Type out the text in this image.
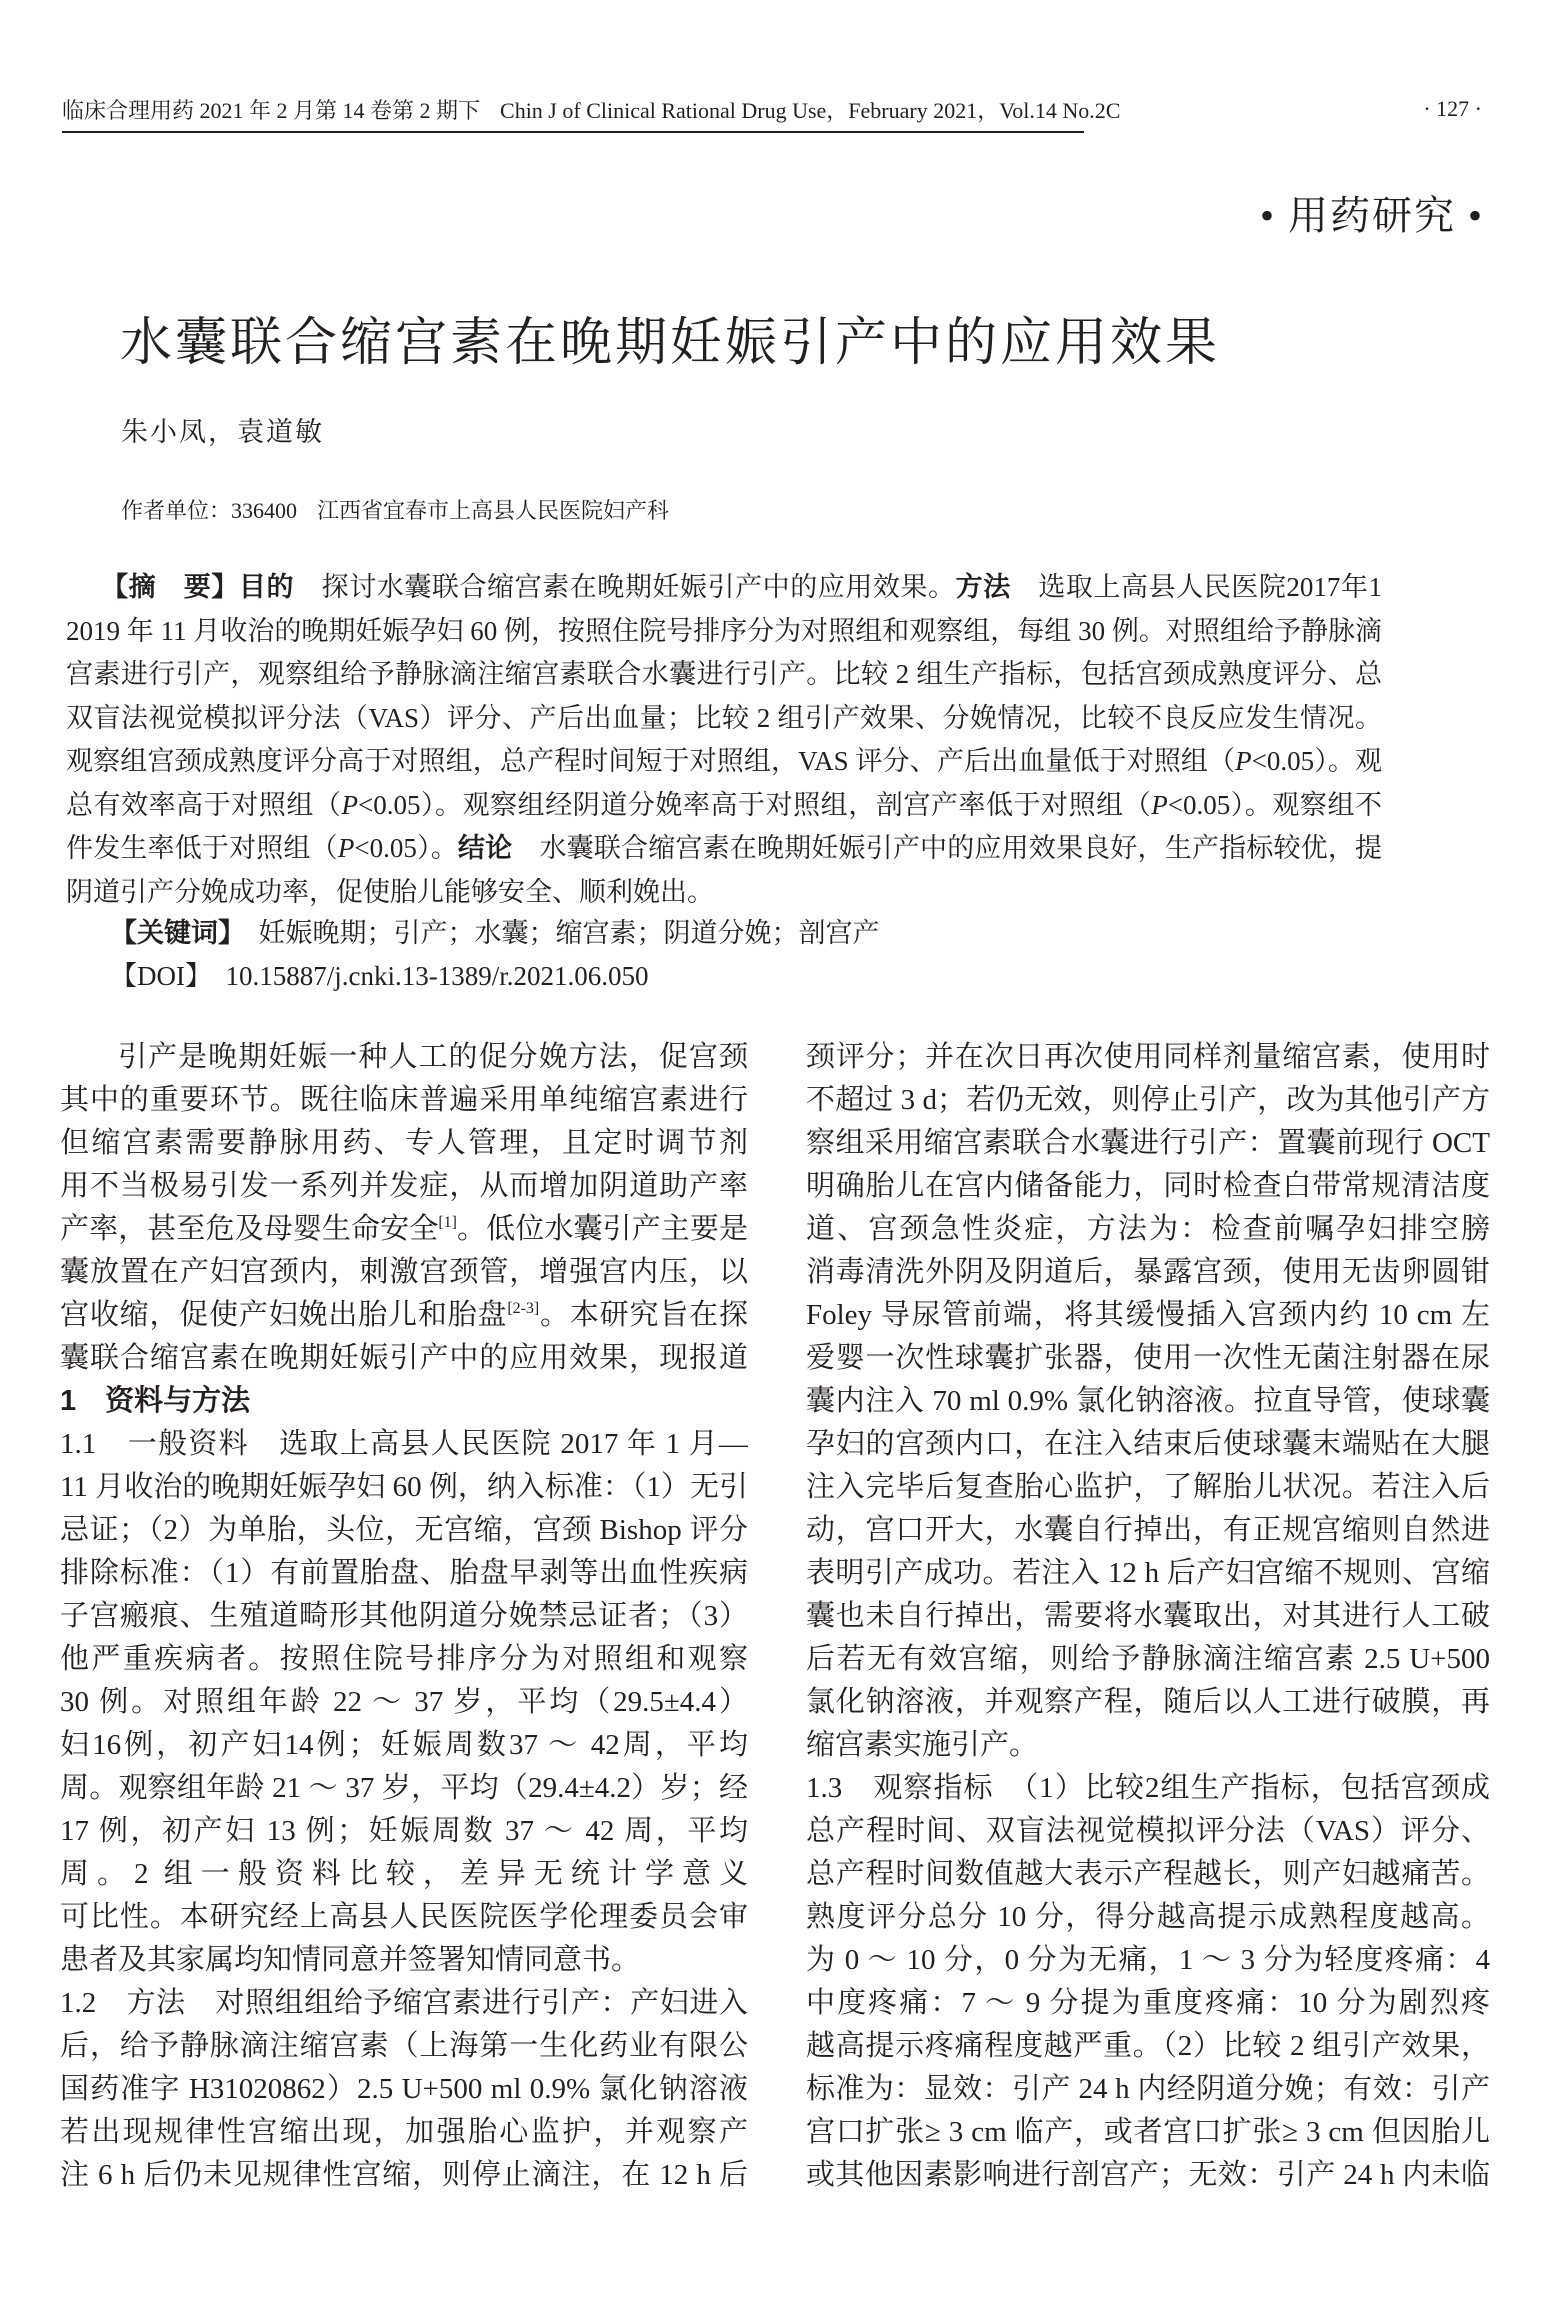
临床合理用药 2021 年 2 月第 14 卷第 2 期下 Chin J of Clinical Rational Drug Use，February 2021，Vol.14 No.2C	· 127 ·
• 用药研究 •
水囊联合缩宫素在晚期妊娠引产中的应用效果
朱小凤，袁道敏
作者单位：336400 江西省宜春市上高县人民医院妇产科
【摘　要】目的　探讨水囊联合缩宫素在晚期妊娠引产中的应用效果。方法　选取上高县人民医院2017年1
2019 年 11 月收治的晚期妊娠孕妇 60 例，按照住院号排序分为对照组和观察组，每组 30 例。对照组给予静脉滴
宫素进行引产，观察组给予静脉滴注缩宫素联合水囊进行引产。比较 2 组生产指标，包括宫颈成熟度评分、总
双盲法视觉模拟评分法（VAS）评分、产后出血量；比较 2 组引产效果、分娩情况，比较不良反应发生情况。
观察组宫颈成熟度评分高于对照组，总产程时间短于对照组，VAS 评分、产后出血量低于对照组（P<0.05）。观
总有效率高于对照组（P<0.05）。观察组经阴道分娩率高于对照组，剖宫产率低于对照组（P<0.05）。观察组不
件发生率低于对照组（P<0.05）。结论　水囊联合缩宫素在晚期妊娠引产中的应用效果良好，生产指标较优，提
阴道引产分娩成功率，促使胎儿能够安全、顺利娩出。
【关键词】　 妊娠晚期；引产；水囊；缩宫素；阴道分娩；剖宫产
【DOI】　 10.15887/j.cnki.13-1389/r.2021.06.050
引产是晚期妊娠一种人工的促分娩方法，促宫颈
其中的重要环节。既往临床普遍采用单纯缩宫素进行
但缩宫素需要静脉用药、专人管理，且定时调节剂
用不当极易引发一系列并发症，从而增加阴道助产率
产率，甚至危及母婴生命安全[1]。低位水囊引产主要是
囊放置在产妇宫颈内，刺激宫颈管，增强宫内压，以
宫收缩，促使产妇娩出胎儿和胎盘[2-3]。本研究旨在探
囊联合缩宫素在晚期妊娠引产中的应用效果，现报道
1　资料与方法
1.1　一般资料　选取上高县人民医院 2017 年 1 月—
11 月收治的晚期妊娠孕妇 60 例，纳入标准：（1）无引
忌证；（2）为单胎，头位，无宫缩，宫颈 Bishop 评分
排除标准：（1）有前置胎盘、胎盘早剥等出血性疾病
子宫瘢痕、生殖道畸形其他阴道分娩禁忌证者；（3）
他严重疾病者。按照住院号排序分为对照组和观察
30 例。对照组年龄 22 ～ 37 岁，平均（29.5±4.4）
妇16例，初产妇14例；妊娠周数37 ～ 42周，平均
周。观察组年龄 21 ～ 37 岁，平均（29.4±4.2）岁；经
17 例，初产妇 13 例；妊娠周数 37 ～ 42 周，平均
周。2 组一般资料比较，差异无统计学意义
可比性。本研究经上高县人民医院医学伦理委员会审
患者及其家属均知情同意并签署知情同意书。
1.2　方法　对照组组给予缩宫素进行引产：产妇进入
后，给予静脉滴注缩宫素（上海第一生化药业有限公
国药准字 H31020862）2.5 U+500 ml 0.9% 氯化钠溶液
若出现规律性宫缩出现，加强胎心监护，并观察产
注 6 h 后仍未见规律性宫缩，则停止滴注，在 12 h 后
颈评分；并在次日再次使用同样剂量缩宫素，使用时
不超过 3 d；若仍无效，则停止引产，改为其他引产方
察组采用缩宫素联合水囊进行引产：置囊前现行 OCT
明确胎儿在宫内储备能力，同时检查白带常规清洁度
道、宫颈急性炎症，方法为：检查前嘱孕妇排空膀
消毒清洗外阴及阴道后，暴露宫颈，使用无齿卵圆钳
Foley 导尿管前端，将其缓慢插入宫颈内约 10 cm 左
爱婴一次性球囊扩张器，使用一次性无菌注射器在尿
囊内注入 70 ml 0.9% 氯化钠溶液。拉直导管，使球囊
孕妇的宫颈内口，在注入结束后使球囊末端贴在大腿
注入完毕后复查胎心监护，了解胎儿状况。若注入后
动，宫口开大，水囊自行掉出，有正规宫缩则自然进
表明引产成功。若注入 12 h 后产妇宫缩不规则、宫缩
囊也未自行掉出，需要将水囊取出，对其进行人工破
后若无有效宫缩，则给予静脉滴注缩宫素 2.5 U+500
氯化钠溶液，并观察产程，随后以人工进行破膜，再
缩宫素实施引产。
1.3　观察指标　（1）比较2组生产指标，包括宫颈成
总产程时间、双盲法视觉模拟评分法（VAS）评分、
总产程时间数值越大表示产程越长，则产妇越痛苦。
熟度评分总分 10 分，得分越高提示成熟程度越高。
为 0 ～ 10 分，0 分为无痛，1 ～ 3 分为轻度疼痛：4
中度疼痛：7 ～ 9 分提为重度疼痛：10 分为剧烈疼
越高提示疼痛程度越严重。（2）比较 2 组引产效果，
标准为：显效：引产 24 h 内经阴道分娩；有效：引产
宫口扩张≥ 3 cm 临产，或者宫口扩张≥ 3 cm 但因胎儿
或其他因素影响进行剖宫产；无效：引产 24 h 内未临
